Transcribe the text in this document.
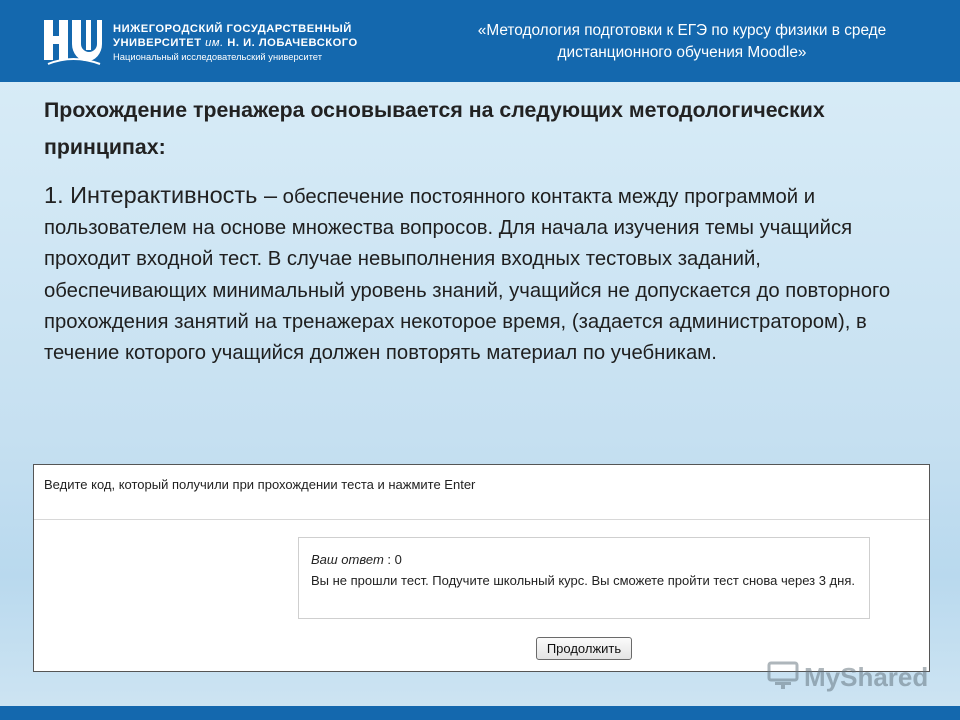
НИЖЕГОРОДСКИЙ ГОСУДАРСТВЕННЫЙ
УНИВЕРСИТЕТ им. Н. И. ЛОБАЧЕВСКОГО
Национальный исследовательский университет
«Методология подготовки к ЕГЭ по курсу физики в среде дистанционного обучения Moodle»
Прохождение тренажера основывается на следующих методологических принципах:
1. Интерактивность – обеспечение постоянного контакта между программой и пользователем на основе множества вопросов. Для начала изучения темы учащийся проходит входной тест. В случае невыполнения входных тестовых заданий, обеспечивающих минимальный уровень знаний, учащийся не допускается до повторного прохождения занятий на тренажерах некоторое время, (задается администратором), в течение которого учащийся должен повторять материал по учебникам.
Ведите код, который получили при прохождении теста и нажмите Enter
Ваш ответ : 0
Вы не прошли тест. Подучите школьный курс. Вы сможете пройти тест снова через 3 дня.
Продолжить
informescufiles
MyShared
